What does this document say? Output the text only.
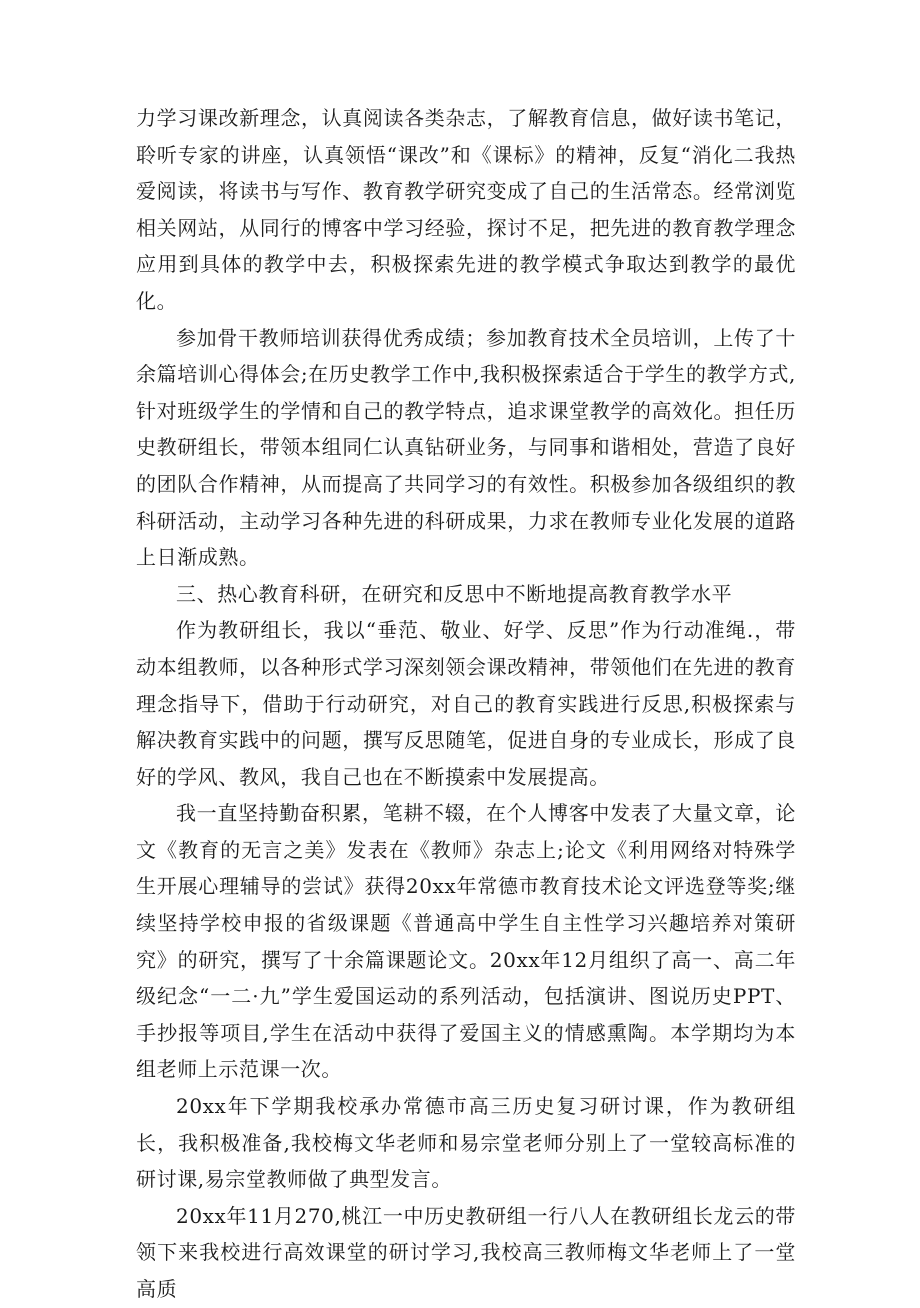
力学习课改新理念，认真阅读各类杂志，了解教育信息，做好读书笔记，聆听专家的讲座，认真领悟“课改”和《课标》的精神，反复“消化二我热爱阅读，将读书与写作、教育教学研究变成了自己的生活常态。经常浏览相关网站，从同行的博客中学习经验，探讨不足，把先进的教育教学理念应用到具体的教学中去，积极探索先进的教学模式争取达到教学的最优化。

参加骨干教师培训获得优秀成绩；参加教育技术全员培训，上传了十余篇培训心得体会;在历史教学工作中,我积极探索适合于学生的教学方式,针对班级学生的学情和自己的教学特点，追求课堂教学的高效化。担任历史教研组长，带领本组同仁认真钻研业务，与同事和谐相处，营造了良好的团队合作精神，从而提高了共同学习的有效性。积极参加各级组织的教科研活动，主动学习各种先进的科研成果，力求在教师专业化发展的道路上日渐成熟。

三、热心教育科研，在研究和反思中不断地提高教育教学水平

作为教研组长，我以“垂范、敬业、好学、反思”作为行动准绳.，带动本组教师，以各种形式学习深刻领会课改精神，带领他们在先进的教育理念指导下，借助于行动研究，对自己的教育实践进行反思,积极探索与解决教育实践中的问题，撰写反思随笔，促进自身的专业成长，形成了良好的学风、教风，我自己也在不断摸索中发展提高。

我一直坚持勤奋积累，笔耕不辍，在个人博客中发表了大量文章，论文《教育的无言之美》发表在《教师》杂志上;论文《利用网络对特殊学生开展心理辅导的尝试》获得20xx年常德市教育技术论文评选登等奖;继续坚持学校申报的省级课题《普通高中学生自主性学习兴趣培养对策研究》的研究，撰写了十余篇课题论文。20xx年12月组织了高一、高二年级纪念“一二·九”学生爱国运动的系列活动，包括演讲、图说历史PPT、手抄报等项目,学生在活动中获得了爱国主义的情感熏陶。本学期均为本组老师上示范课一次。

20xx年下学期我校承办常德市高三历史复习研讨课，作为教研组长，我积极准备,我校梅文华老师和易宗堂老师分别上了一堂较高标准的研讨课,易宗堂教师做了典型发言。

20xx年11月270,桃江一中历史教研组一行八人在教研组长龙云的带领下来我校进行高效课堂的研讨学习,我校高三教师梅文华老师上了一堂高质
